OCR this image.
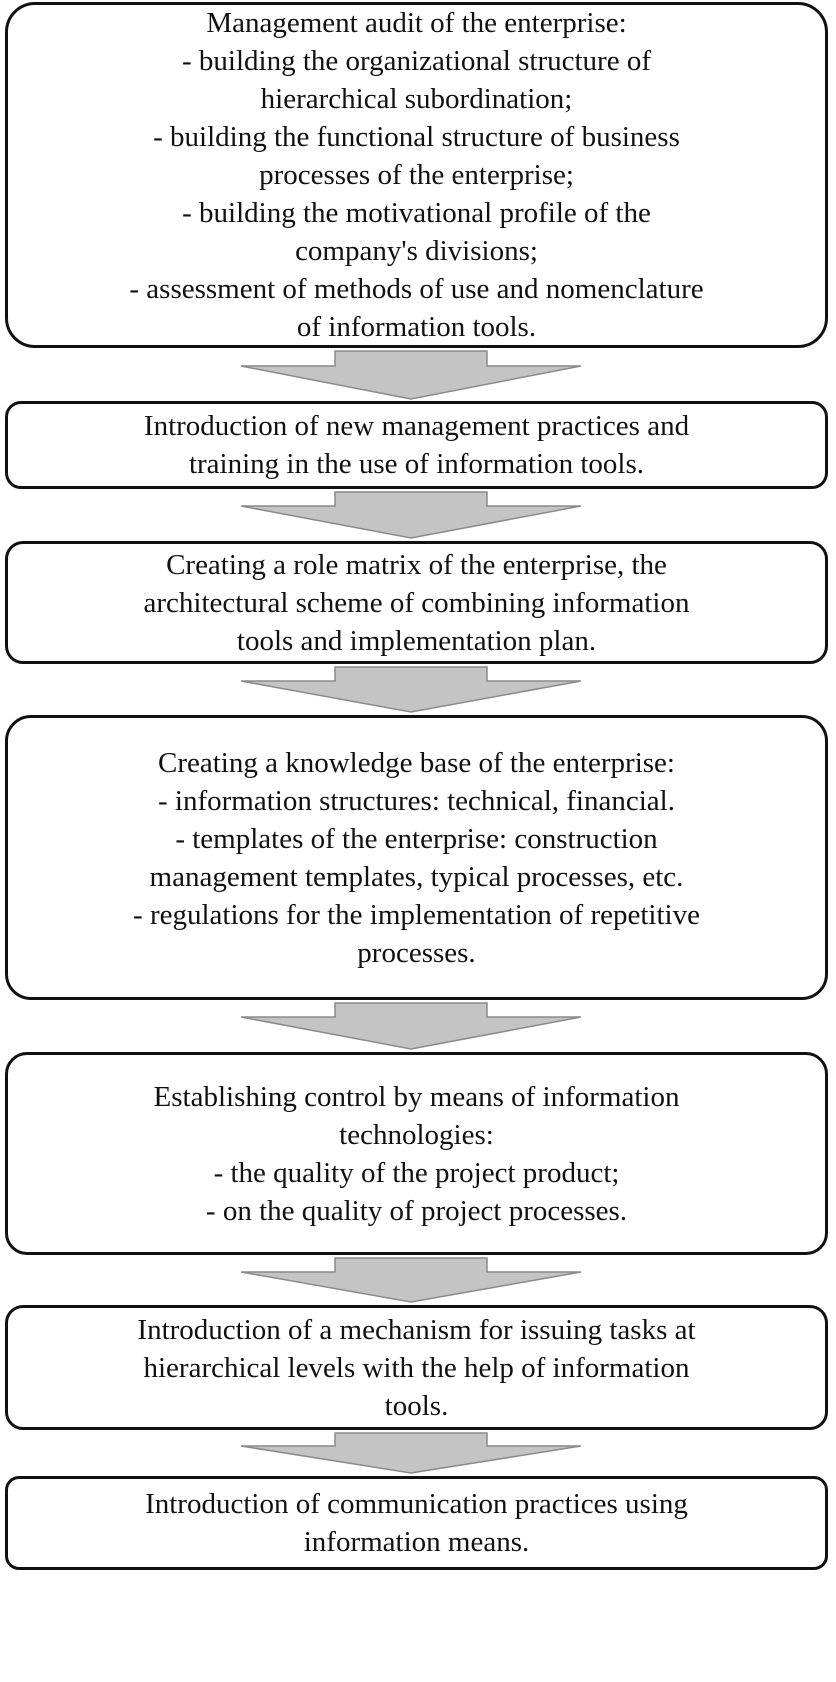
Management audit of the enterprise:
- building the organizational structure of
hierarchical subordination;
- building the functional structure of business
processes of the enterprise;
- building the motivational profile of the
company's divisions;
- assessment of methods of use and nomenclature
of information tools.
Introduction of new management practices and
training in the use of information tools.
Creating a role matrix of the enterprise, the
architectural scheme of combining information
tools and implementation plan.
Creating a knowledge base of the enterprise:
- information structures: technical, financial.
- templates of the enterprise: construction
management templates, typical processes, etc.
- regulations for the implementation of repetitive
processes.
Establishing control by means of information
technologies:
- the quality of the project product;
- on the quality of project processes.
Introduction of a mechanism for issuing tasks at
hierarchical levels with the help of information
tools.
Introduction of communication practices using
information means.
